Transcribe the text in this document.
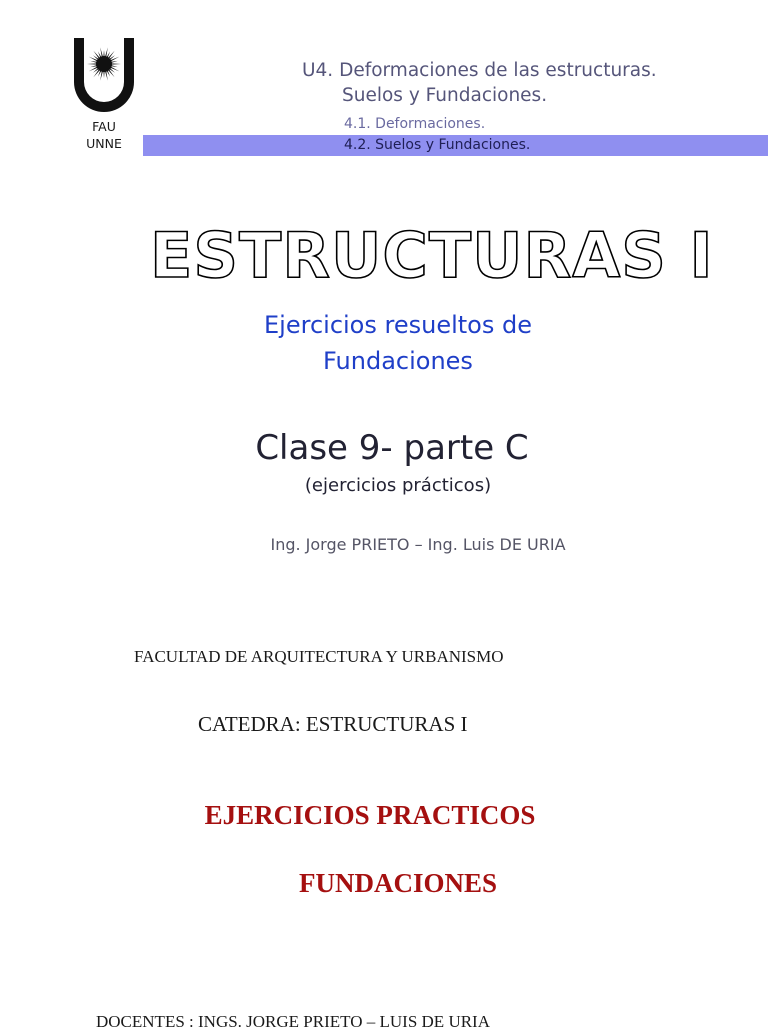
FAU
UNNE
U4. Deformaciones de las estructuras.
Suelos y Fundaciones.
4.1. Deformaciones.
4.2. Suelos y Fundaciones.
ESTRUCTURAS I
Ejercicios resueltos de
Fundaciones
Clase 9- parte C
(ejercicios prácticos)
Ing. Jorge PRIETO – Ing. Luis DE URIA
FACULTAD DE ARQUITECTURA Y URBANISMO
CATEDRA: ESTRUCTURAS I
EJERCICIOS PRACTICOS
FUNDACIONES
DOCENTES : INGS. JORGE PRIETO – LUIS DE URIA
